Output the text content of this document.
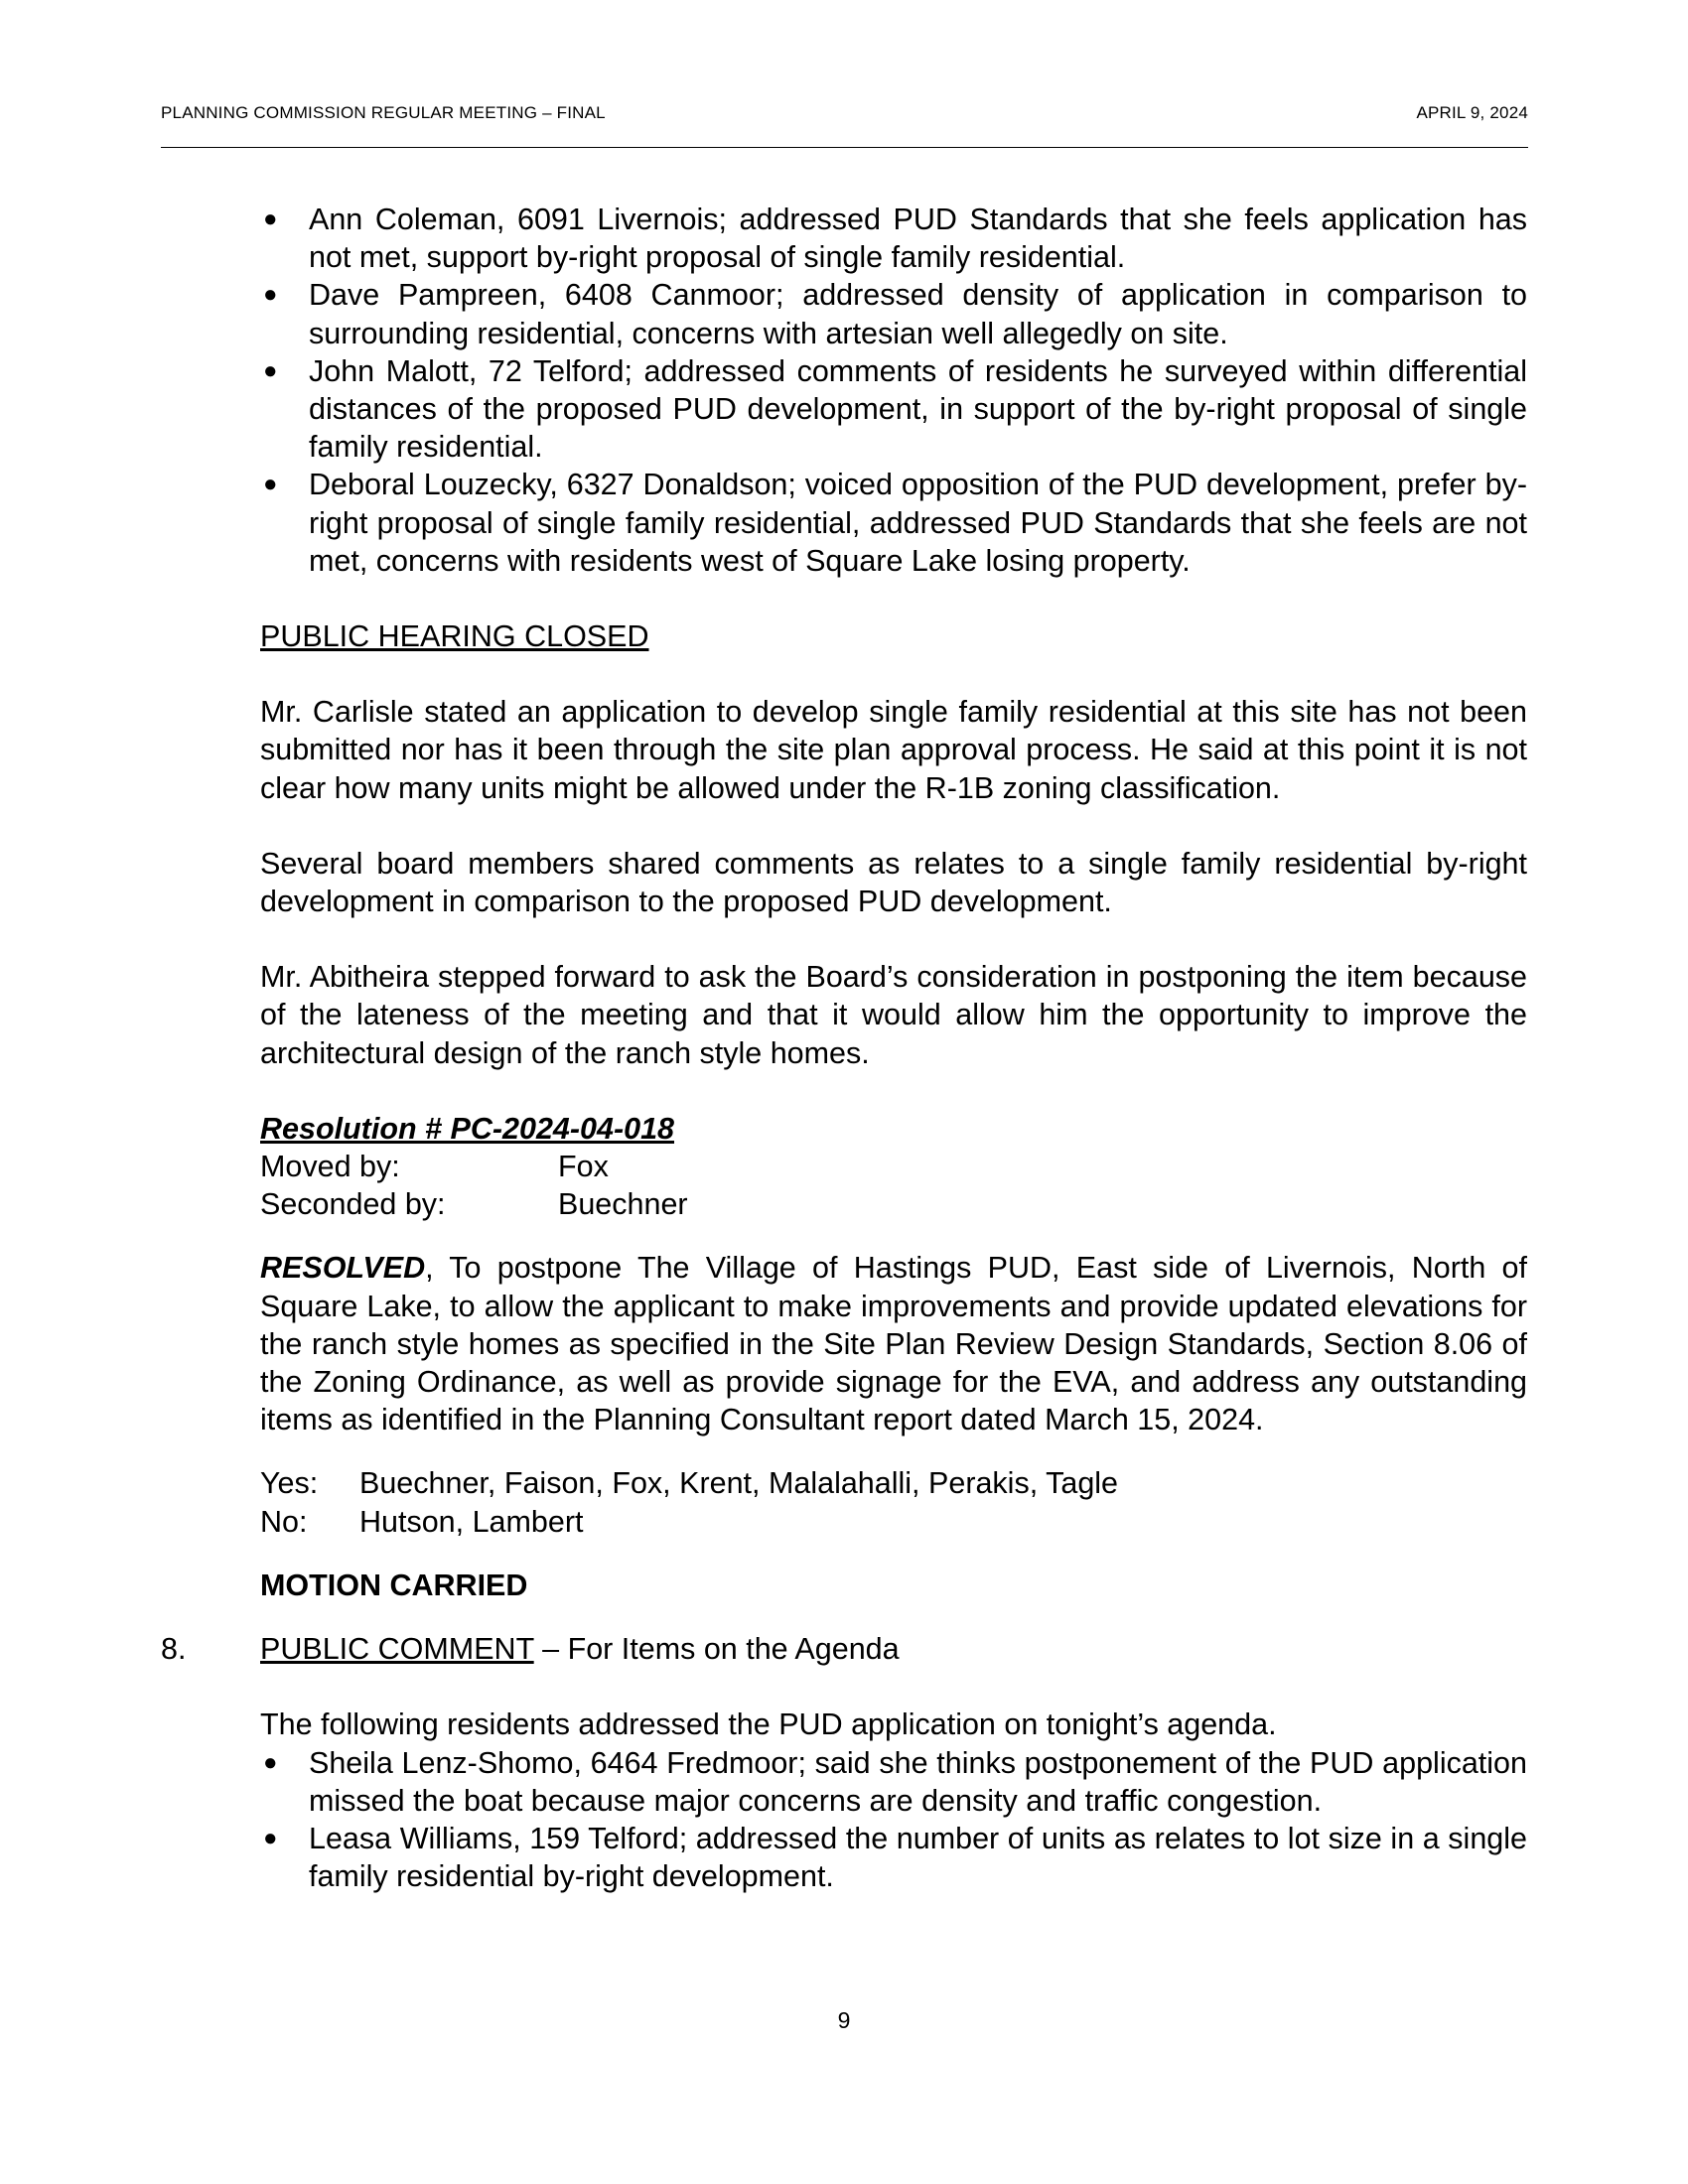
PLANNING COMMISSION REGULAR MEETING – FINAL	APRIL 9, 2024
● Ann Coleman, 6091 Livernois; addressed PUD Standards that she feels application has not met, support by-right proposal of single family residential.
● Dave Pampreen, 6408 Canmoor; addressed density of application in comparison to surrounding residential, concerns with artesian well allegedly on site.
● John Malott, 72 Telford; addressed comments of residents he surveyed within differential distances of the proposed PUD development, in support of the by-right proposal of single family residential.
● Deboral Louzecky, 6327 Donaldson; voiced opposition of the PUD development, prefer by-right proposal of single family residential, addressed PUD Standards that she feels are not met, concerns with residents west of Square Lake losing property.

PUBLIC HEARING CLOSED

Mr. Carlisle stated an application to develop single family residential at this site has not been submitted nor has it been through the site plan approval process. He said at this point it is not clear how many units might be allowed under the R-1B zoning classification.

Several board members shared comments as relates to a single family residential by-right development in comparison to the proposed PUD development.

Mr. Abitheira stepped forward to ask the Board’s consideration in postponing the item because of the lateness of the meeting and that it would allow him the opportunity to improve the architectural design of the ranch style homes.

Resolution # PC-2024-04-018

Moved by:	Fox
Seconded by:	Buechner

RESOLVED, To postpone The Village of Hastings PUD, East side of Livernois, North of Square Lake, to allow the applicant to make improvements and provide updated elevations for the ranch style homes as specified in the Site Plan Review Design Standards, Section 8.06 of the Zoning Ordinance, as well as provide signage for the EVA, and address any outstanding items as identified in the Planning Consultant report dated March 15, 2024.

Yes:	Buechner, Faison, Fox, Krent, Malalahalli, Perakis, Tagle
No:	Hutson, Lambert

MOTION CARRIED

8. PUBLIC COMMENT – For Items on the Agenda

The following residents addressed the PUD application on tonight’s agenda.

● Sheila Lenz-Shomo, 6464 Fredmoor; said she thinks postponement of the PUD application missed the boat because major concerns are density and traffic congestion.
● Leasa Williams, 159 Telford; addressed the number of units as relates to lot size in a single family residential by-right development.
9
